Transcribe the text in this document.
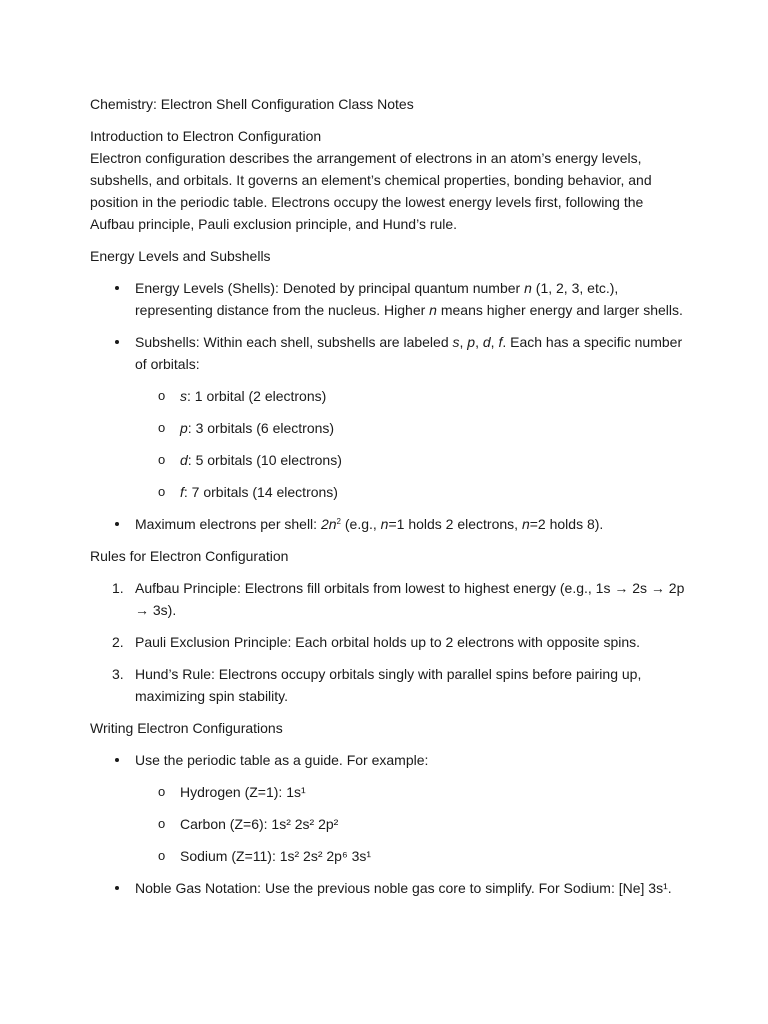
Chemistry: Electron Shell Configuration Class Notes
Introduction to Electron Configuration

Electron configuration describes the arrangement of electrons in an atom’s energy levels, subshells, and orbitals. It governs an element’s chemical properties, bonding behavior, and position in the periodic table. Electrons occupy the lowest energy levels first, following the Aufbau principle, Pauli exclusion principle, and Hund’s rule.

Energy Levels and Subshells
Energy Levels (Shells): Denoted by principal quantum number n (1, 2, 3, etc.), representing distance from the nucleus. Higher n means higher energy and larger shells.
Subshells: Within each shell, subshells are labeled s, p, d, f. Each has a specific number of orbitals:
o s: 1 orbital (2 electrons)
o p: 3 orbitals (6 electrons)
o d: 5 orbitals (10 electrons)
o f: 7 orbitals (14 electrons)
Maximum electrons per shell: $2n^2$ (e.g., n=1 holds 2 electrons, n=2 holds 8).
Rules for Electron Configuration
1. Aufbau Principle: Electrons fill orbitals from lowest to highest energy (e.g., 1s → 2s → 2p → 3s).
2. Pauli Exclusion Principle: Each orbital holds up to 2 electrons with opposite spins.
3. Hund’s Rule: Electrons occupy orbitals singly with parallel spins before pairing up, maximizing spin stability.
Writing Electron Configurations
Use the periodic table as a guide. For example:
o Hydrogen (Z=1): 1s¹
o Carbon (Z=6): 1s² 2s² 2p²
o Sodium (Z=11): 1s² 2s² 2p⁶ 3s¹
Noble Gas Notation: Use the previous noble gas core to simplify. For Sodium: [Ne] 3s¹.
